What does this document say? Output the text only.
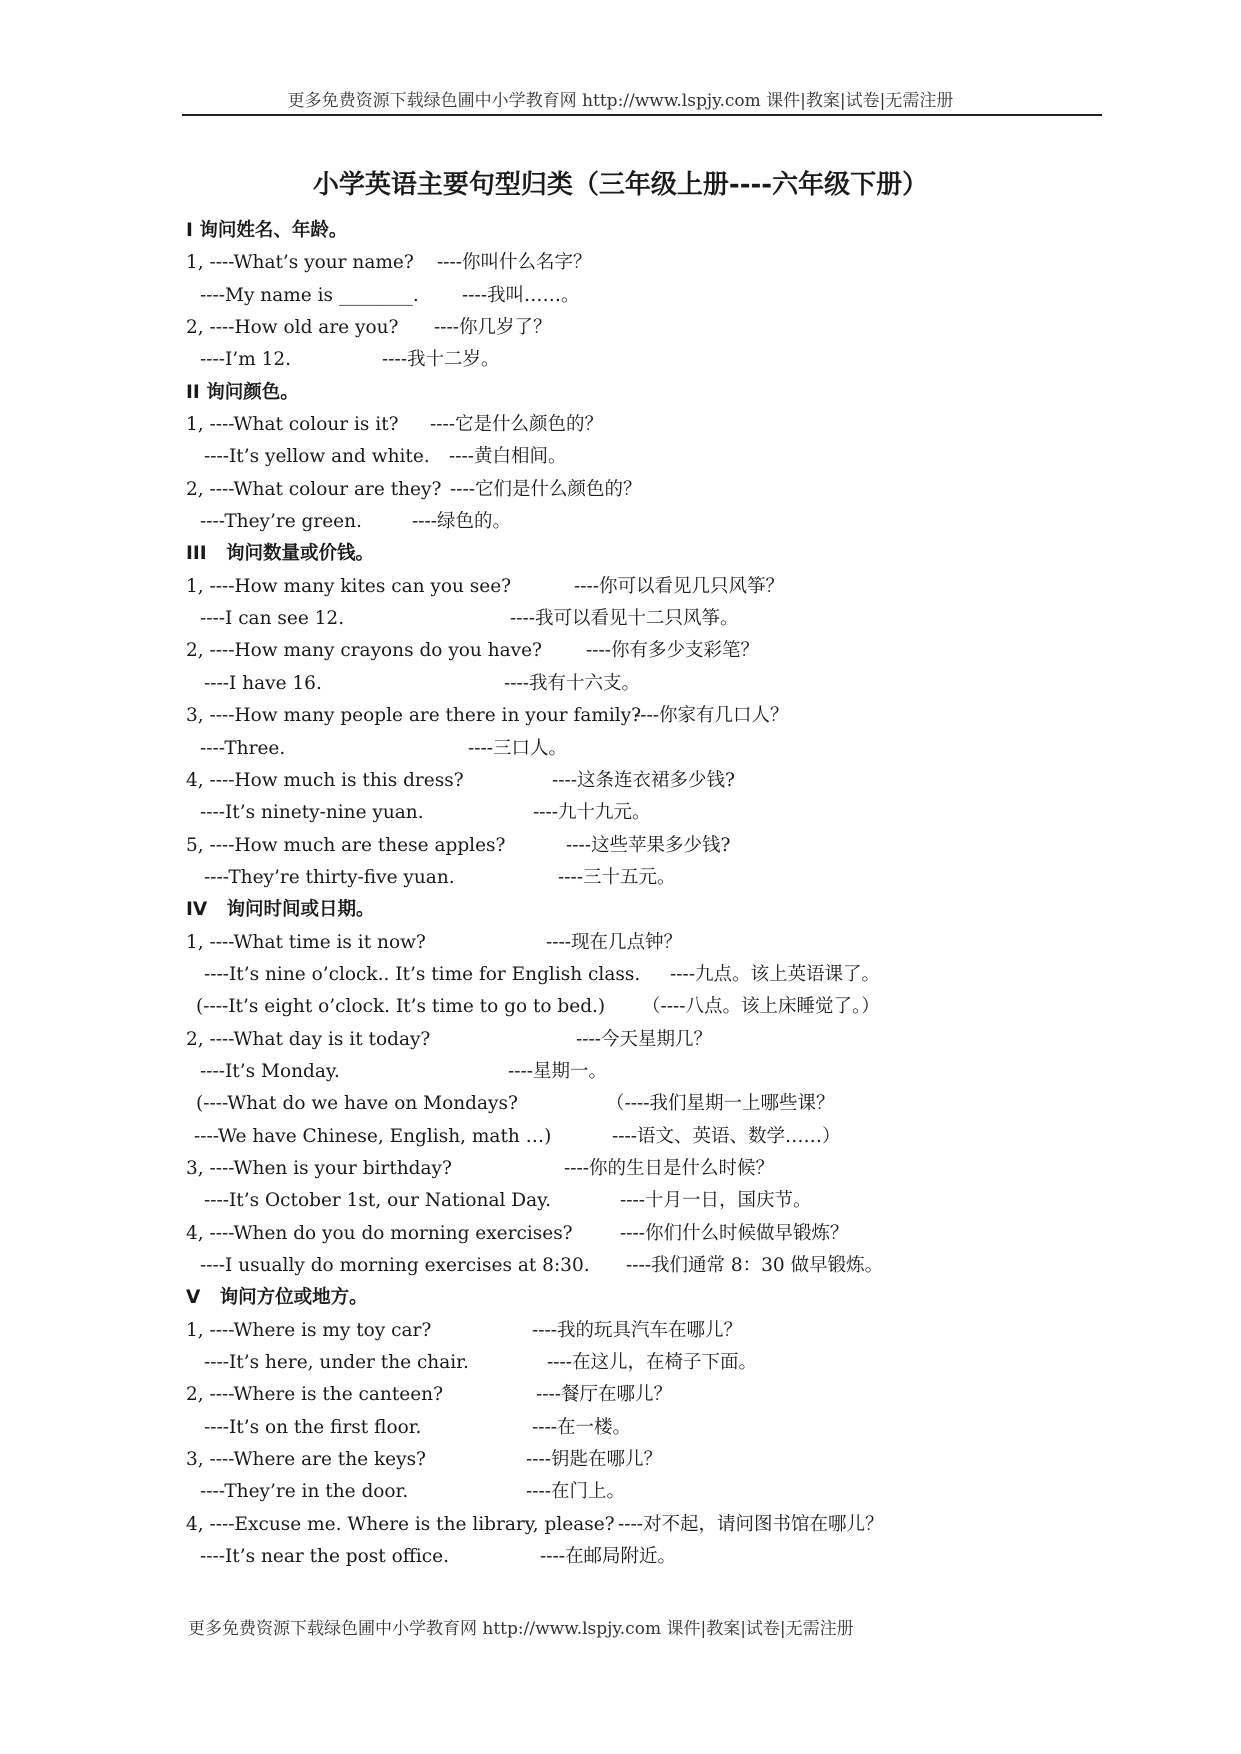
更多免费资源下载绿色圃中小学教育网 http://www.lspjy.com 课件|教案|试卷|无需注册
小学英语主要句型归类（三年级上册----六年级下册）
I 询问姓名、年龄。
1, ----What’s your name? ----你叫什么名字？
----My name is ________. ----我叫……。
2, ----How old are you? ----你几岁了？
----I’m 12.	----我十二岁。
II 询问颜色。
1, ----What colour is it? ----它是什么颜色的？
----It’s yellow and white. ----黄白相间。
2, ----What colour are they? ----它们是什么颜色的？
----They’re green.	----绿色的。
III   询问数量或价钱。
1, ----How many kites can you see?	----你可以看见几只风筝？
----I can see 12.	----我可以看见十二只风筝。
2, ----How many crayons do you have? ----你有多少支彩笔？
----I have 16.	----我有十六支。
3, ----How many people are there in your family?----你家有几口人？
----Three.	----三口人。
4, ----How much is this dress?	----这条连衣裙多少钱?
----It’s ninety-nine yuan.	----九十九元。
5, ----How much are these apples?	----这些苹果多少钱?
----They’re thirty-five yuan.	----三十五元。
IV   询问时间或日期。
1, ----What time is it now?	----现在几点钟？
----It’s nine o’clock.. It’s time for English class. ----九点。该上英语课了。
(----It’s eight o’clock. It’s time to go to bed.) （----八点。该上床睡觉了。）
2, ----What day is it today?	----今天星期几？
----It’s Monday.	----星期一。
(----What do we have on Mondays?	（----我们星期一上哪些课？
----We have Chinese, English, math …)	----语文、英语、数学……）
3, ----When is your birthday?	----你的生日是什么时候？
----It’s October 1st, our National Day.	----十月一日，国庆节。
4, ----When do you do morning exercises?	----你们什么时候做早锻炼？
----I usually do morning exercises at 8:30. ----我们通常 8：30 做早锻炼。
V   询问方位或地方。
1, ----Where is my toy car?	----我的玩具汽车在哪儿？
----It’s here, under the chair.	----在这儿，在椅子下面。
2, ----Where is the canteen?	----餐厅在哪儿？
----It’s on the first floor.	----在一楼。
3, ----Where are the keys?	----钥匙在哪儿？
----They’re in the door.	----在门上。
4, ----Excuse me. Where is the library, please? ----对不起，请问图书馆在哪儿？
----It’s near the post office.	----在邮局附近。
更多免费资源下载绿色圃中小学教育网 http://www.lspjy.com 课件|教案|试卷|无需注册
